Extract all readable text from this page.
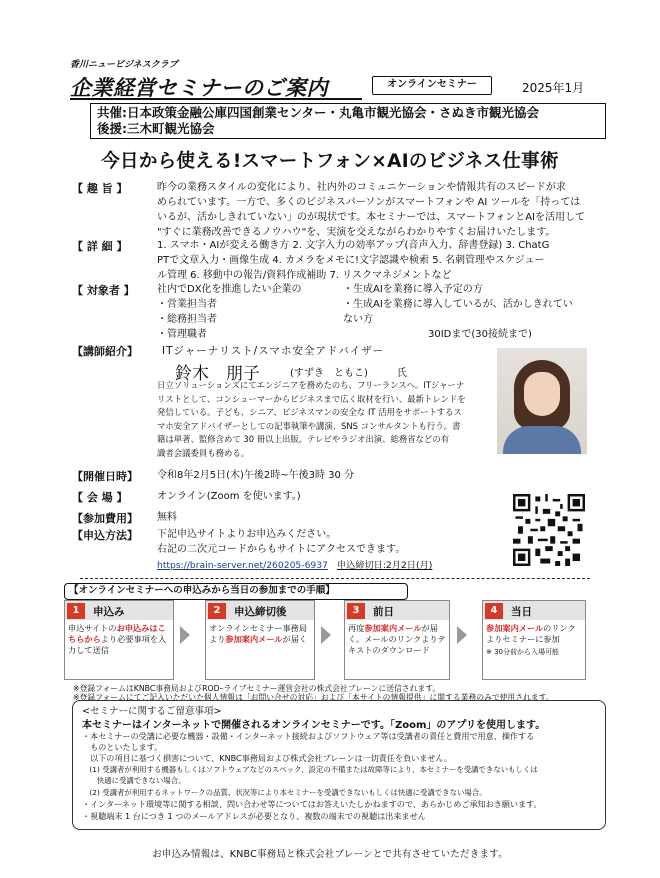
香川ニュービジネスクラブ
企業経営セミナーのご案内	オンラインセミナー	2025年1月
共催:日本政策金融公庫四国創業センター・丸亀市観光協会・さぬき市観光協会
後援:三木町観光協会
今日から使える!スマートフォン×AIのビジネス仕事術
【 趣 旨 】	昨今の業務スタイルの変化により、社内外のコミュニケーションや情報共有のスピードが求
められています。一方で、多くのビジネスパーソンがスマートフォンや AI ツールを「持っては
いるが、活かしきれていない」のが現状です。本セミナーでは、スマートフォンとAIを活用して
"すぐに業務改善できるノウハウ"を、実演を交えながらわかりやすくお届けいたします。
【 詳 細 】	1. スマホ・AIが変える働き方 2. 文字入力の効率アップ(音声入力、辞書登録) 3. ChatG
PTで文章入力・画像生成 4. カメラをメモに!文字認識や検索 5. 名刺管理やスケジュー
ル管理 6. 移動中の報告/資料作成補助 7. リスクマネジメントなど
【 対象者 】 社内でDX化を推進したい企業の
・営業担当者
・総務担当者
・管理職者
・生成AIを業務に導入予定の方
・生成AIを業務に導入しているが、活かしきれてい
ない方
30IDまで(30接続まで)
【講師紹介】 ITジャーナリスト/スマホ安全アドバイザー
鈴木　朋子	(すずき　ともこ)	氏
日立ソリューションズにてエンジニアを務めたのち、フリーランスへ。ITジャーナ
リストとして、コンシューマーからビジネスまで広く取材を行い、最新トレンドを
発信している。子ども、シニア、ビジネスマンの安全な IT 活用をサポートするス
マホ安全アドバイザーとしての記事執筆や講演、SNS コンサルタントも行う。書
籍は単著、監修含めて 30 冊以上出版。テレビやラジオ出演、総務省などの有
識者会議委員も務める。
【開催日時】 令和8年2月5日(木)午後2時~午後3時 30 分
【 会 場 】	オンライン(Zoom を使います。)
【参加費用】 無料
【申込方法】 下記申込サイトよりお申込みください。
右記の二次元コードからもサイトにアクセスできます。
https://brain-server.net/260205-6937 申込締切日:2月2日(月)
【オンラインセミナーへの申込みから当日の参加までの手順】
1	申込み
申込サイトのお申込みはこちらからより必要事項を入力して送信
2	申込締切後
オンラインセミナー事務局より参加案内メールが届く
3	前日
再度参加案内メールが届く。メールのリンクよりテキストのダウンロード
4	当日
参加案内メールのリンクよりセミナーに参加
※ 30分前から入場可能
※登録フォームはKNBC事務局およびRODｰライブセミナー運営会社の株式会社ブレーンに送信されます。
※登録フォームにてご記入いただいた個人情報は「お問い合せの対応」および「本サイトの情報提供」に関する業務のみで使用されます。
<セミナーに関するご留意事項>
本セミナーはインターネットで開催されるオンラインセミナーです。「Zoom」のアプリを使用します。
・本セミナーの受講に必要な機器・設備・インターネット接続およびソフトウェア等は受講者の責任と費用で用意、操作する
　ものといたします。
　以下の項目に基づく損害について、KNBC事務局および株式会社ブレーンは一切責任を負いません。
　(1) 受講者が利用する機器もしくはソフトウェアなどのスペック、設定の不備または故障等により、本セミナーを受講できないもしくは
　　快適に受講できない場合。
　(2) 受講者が利用するネットワークの品質、状況等により本セミナーを受講できないもしくは快適に受講できない場合。
・インターネット環境等に関する相談、問い合わせ等についてはお答えいたしかねますので、あらかじめご承知おき願います。
・視聴端末 1 台につき 1 つのメールアドレスが必要となり、複数の端末での視聴は出来ません
お申込み情報は、KNBC事務局と株式会社ブレーンとで共有させていただきます。
